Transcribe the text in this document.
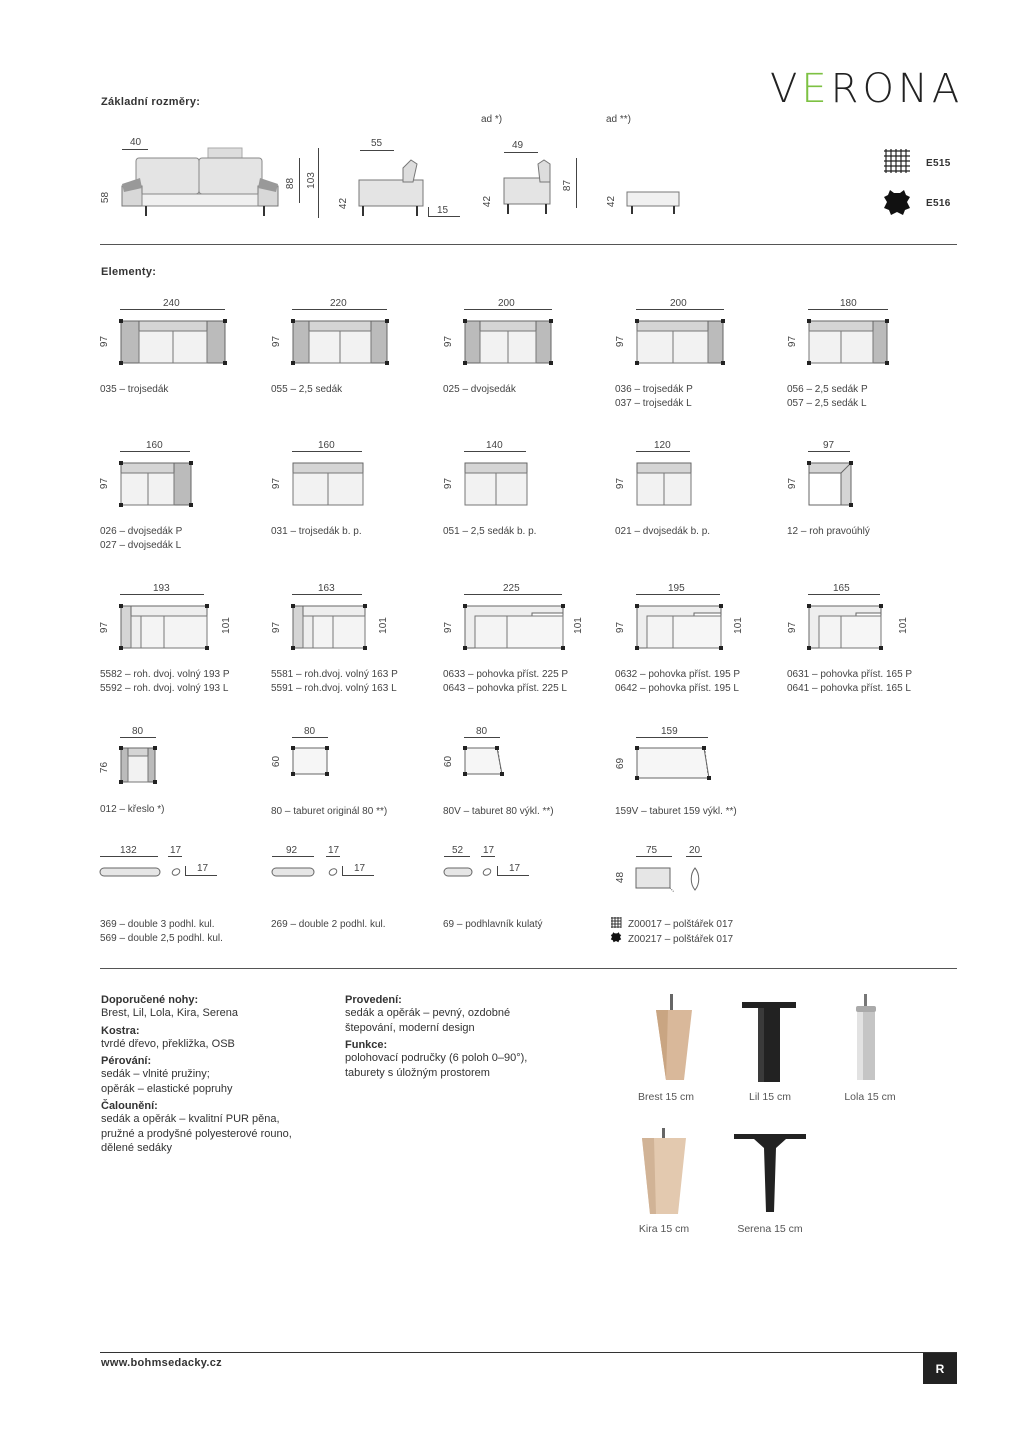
VERONA
Základní rozměry:
ad *)	ad **)
40
58
88 103
55
42
15
49
42
87
42
E515
E516
Elementy:
240
97
035 – trojsedák
220
97
055 – 2,5 sedák
200
97
025 – dvojsedák
200
97
036 – trojsedák P
037 – trojsedák L
180
97
056 – 2,5 sedák P
057 – 2,5 sedák L
160
97
026 – dvojsedák P
027 – dvojsedák L
160
97
031 – trojsedák b. p.
140
97
051 – 2,5 sedák b. p.
120
97
021 – dvojsedák b. p.
97
97
12 – roh pravoúhlý
193
97	101
5582 – roh. dvoj. volný 193 P
5592 – roh. dvoj. volný 193 L
163
97	101
5581 – roh.dvoj. volný 163 P
5591 – roh.dvoj. volný 163 L
225
97	101
0633 – pohovka příst. 225 P
0643 – pohovka příst. 225 L
195
97	101
0632 – pohovka příst. 195 P
0642 – pohovka příst. 195 L
165
97	101
0631 – pohovka příst. 165 P
0641 – pohovka příst. 165 L
80
76
012 – křeslo *)
80
60
80 – taburet originál 80 **)
80
60
80V – taburet 80 výkl. **)
159
69
159V – taburet 159 výkl. **)
132	17
17
369 – double 3 podhl. kul.
569 – double 2,5 podhl. kul.
92	17
17
269 – double 2 podhl. kul.
52 17
17
69 – podhlavník kulatý
75	20
48
Z00017 – polštářek 017
Z00217 – polštářek 017
Doporučené nohy:
Brest, Lil, Lola, Kira, Serena
Kostra:
tvrdé dřevo, překližka, OSB
Pérování:
sedák – vlnité pružiny;
opěrák – elastické popruhy
Čalounění:
sedák a opěrák – kvalitní PUR pěna,
pružné a prodyšné polyesterové rouno,
dělené sedáky
Provedení:
sedák a opěrák – pevný, ozdobné
štepování, moderní design
Funkce:
polohovací područky (6 poloh 0–90°),
taburety s úložným prostorem
Brest 15 cm	Lil 15 cm	Lola 15 cm
Kira 15 cm	Serena 15 cm
www.bohmsedacky.cz	R
